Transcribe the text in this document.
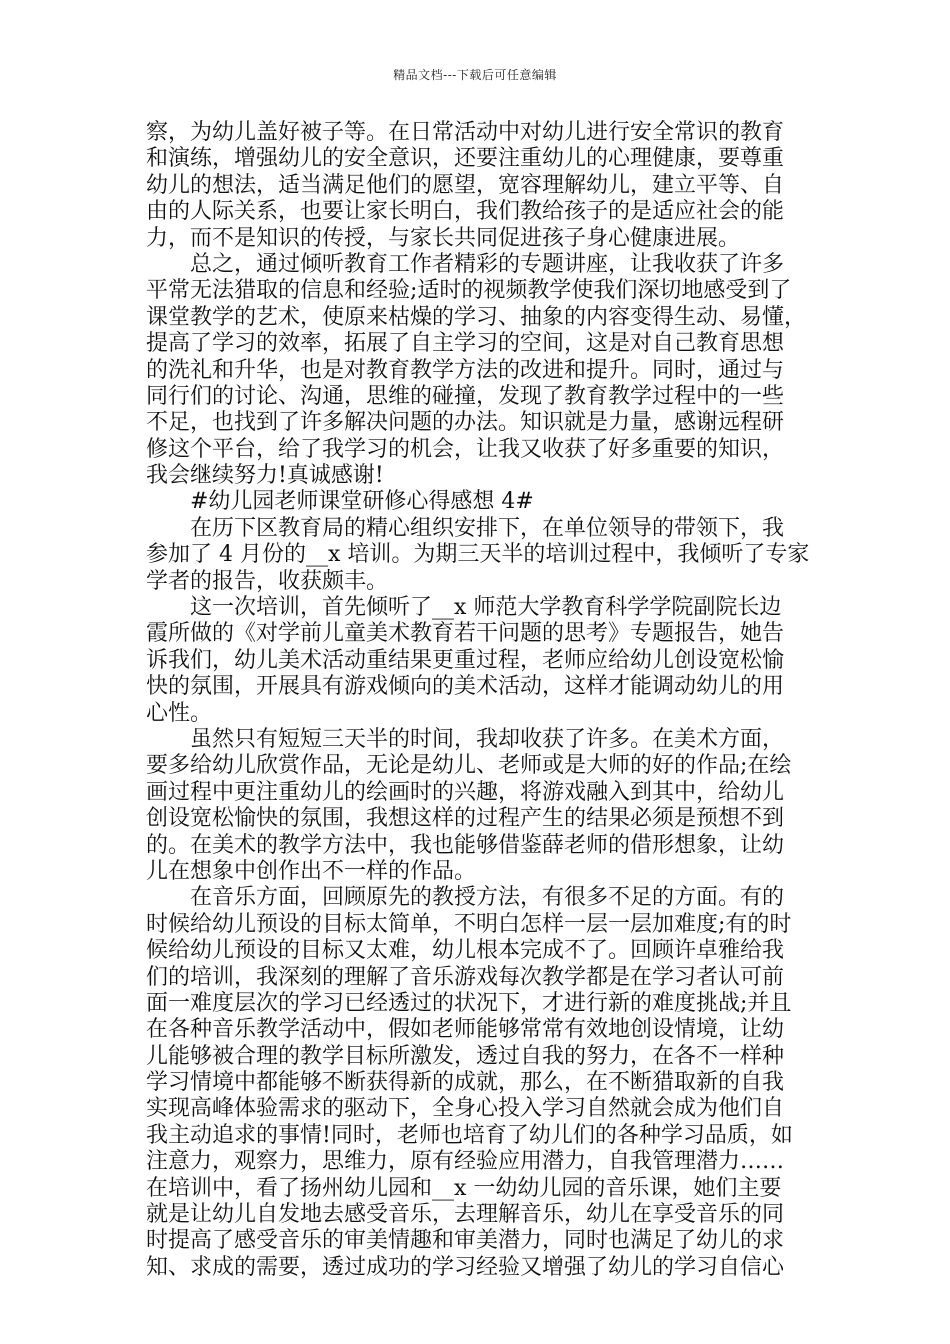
精品文档---下载后可任意编辑
察，为幼儿盖好被子等。在日常活动中对幼儿进行安全常识的教育
和演练，增强幼儿的安全意识，还要注重幼儿的心理健康，要尊重
幼儿的想法，适当满足他们的愿望，宽容理解幼儿，建立平等、自
由的人际关系，也要让家长明白，我们教给孩子的是适应社会的能
力，而不是知识的传授，与家长共同促进孩子身心健康进展。
总之，通过倾听教育工作者精彩的专题讲座，让我收获了许多
平常无法猎取的信息和经验;适时的视频教学使我们深切地感受到了
课堂教学的艺术，使原来枯燥的学习、抽象的内容变得生动、易懂，
提高了学习的效率，拓展了自主学习的空间，这是对自己教育思想
的洗礼和升华，也是对教育教学方法的改进和提升。同时，通过与
同行们的讨论、沟通，思维的碰撞，发现了教育教学过程中的一些
不足，也找到了许多解决问题的办法。知识就是力量，感谢远程研
修这个平台，给了我学习的机会，让我又收获了好多重要的知识，
我会继续努力!真诚感谢!
#幼儿园老师课堂研修心得感想 4#
在历下区教育局的精心组织安排下，在单位领导的带领下，我
参加了 4 月份的__x 培训。为期三天半的培训过程中，我倾听了专家
学者的报告，收获颇丰。
这一次培训，首先倾听了__x 师范大学教育科学学院副院长边
霞所做的《对学前儿童美术教育若干问题的思考》专题报告，她告
诉我们，幼儿美术活动重结果更重过程，老师应给幼儿创设宽松愉
快的氛围，开展具有游戏倾向的美术活动，这样才能调动幼儿的用
心性。
虽然只有短短三天半的时间，我却收获了许多。在美术方面，
要多给幼儿欣赏作品，无论是幼儿、老师或是大师的好的作品;在绘
画过程中更注重幼儿的绘画时的兴趣，将游戏融入到其中，给幼儿
创设宽松愉快的氛围，我想这样的过程产生的结果必须是预想不到
的。在美术的教学方法中，我也能够借鉴薛老师的借形想象，让幼
儿在想象中创作出不一样的作品。
在音乐方面，回顾原先的教授方法，有很多不足的方面。有的
时候给幼儿预设的目标太简单，不明白怎样一层一层加难度;有的时
候给幼儿预设的目标又太难，幼儿根本完成不了。回顾许卓雅给我
们的培训，我深刻的理解了音乐游戏每次教学都是在学习者认可前
面一难度层次的学习已经透过的状况下，才进行新的难度挑战;并且
在各种音乐教学活动中，假如老师能够常常有效地创设情境，让幼
儿能够被合理的教学目标所激发，透过自我的努力，在各不一样种
学习情境中都能够不断获得新的成就，那么，在不断猎取新的自我
实现高峰体验需求的驱动下，全身心投入学习自然就会成为他们自
我主动追求的事情!同时，老师也培育了幼儿们的各种学习品质，如
注意力，观察力，思维力，原有经验应用潜力，自我管理潜力……
在培训中，看了扬州幼儿园和__x 一幼幼儿园的音乐课，她们主要
就是让幼儿自发地去感受音乐，去理解音乐，幼儿在享受音乐的同
时提高了感受音乐的审美情趣和审美潜力，同时也满足了幼儿的求
知、求成的需要，透过成功的学习经验又增强了幼儿的学习自信心
